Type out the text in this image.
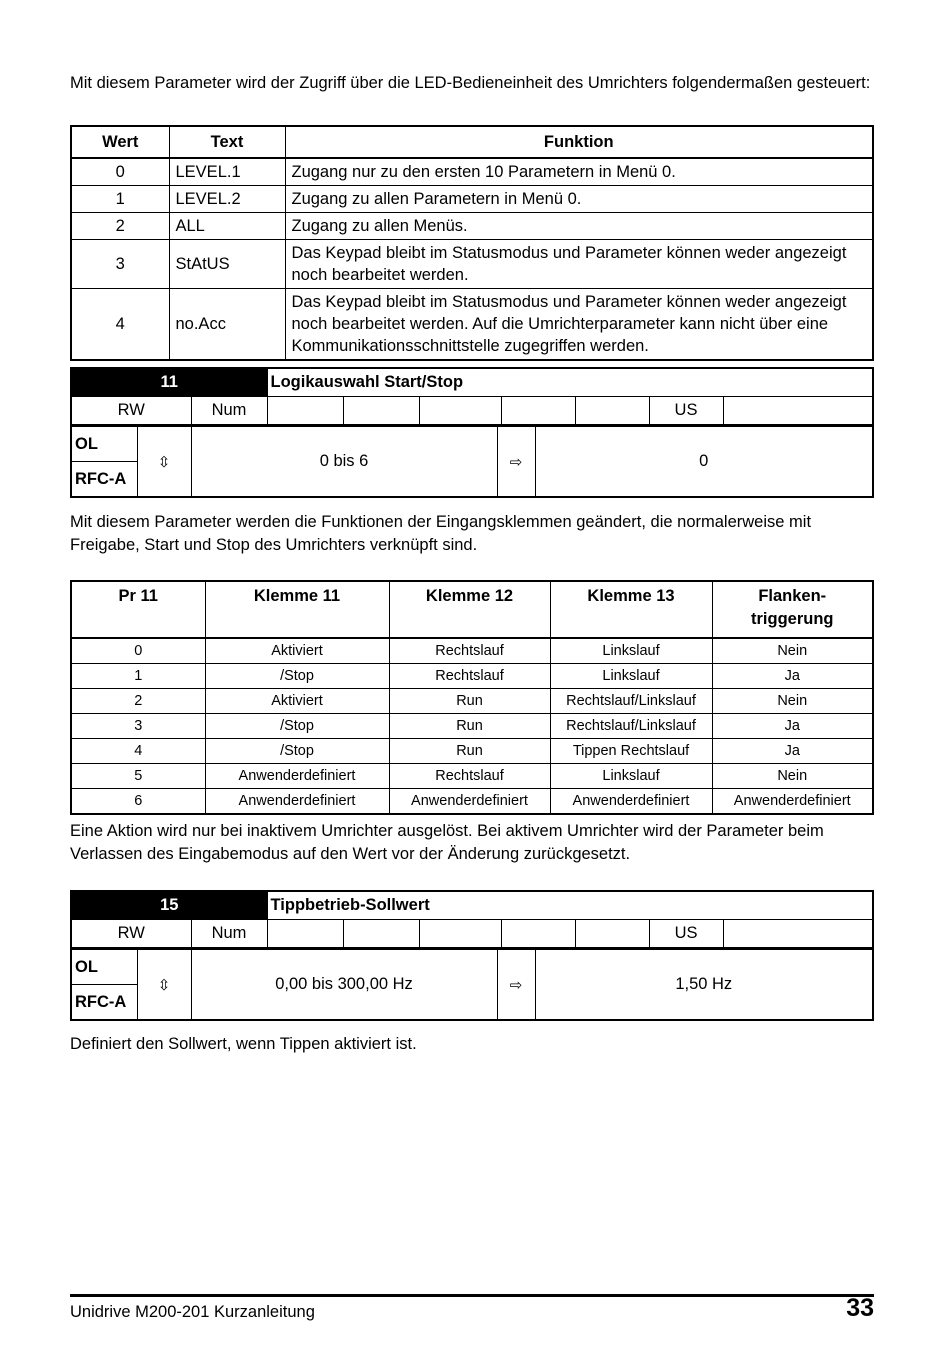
Mit diesem Parameter wird der Zugriff über die LED-Bedieneinheit des Umrichters folgendermaßen gesteuert:
Wert	Text	Funktion
0	LEVEL.1	Zugang nur zu den ersten 10 Parametern in Menü 0.
1	LEVEL.2	Zugang zu allen Parametern in Menü 0.
2	ALL	Zugang zu allen Menüs.
3	StAtUS	Das Keypad bleibt im Statusmodus und Parameter können weder angezeigt noch bearbeitet werden.
4	no.Acc	Das Keypad bleibt im Statusmodus und Parameter können weder angezeigt noch bearbeitet werden. Auf die Umrichterparameter kann nicht über eine Kommunikationsschnittstelle zugegriffen werden.
11		Logikauswahl Start/Stop						
RW	Num						US	
OL	⇳	0 bis 6	⇨	0
RFC-A
Mit diesem Parameter werden die Funktionen der Eingangsklemmen geändert, die normalerweise mit Freigabe, Start und Stop des Umrichters verknüpft sind.
Pr 11	Klemme 11	Klemme 12	Klemme 13	Flanken-
triggerung
0	Aktiviert	Rechtslauf	Linkslauf	Nein
1	/Stop	Rechtslauf	Linkslauf	Ja
2	Aktiviert	Run	Rechtslauf/Linkslauf	Nein
3	/Stop	Run	Rechtslauf/Linkslauf	Ja
4	/Stop	Run	Tippen Rechtslauf	Ja
5	Anwenderdefiniert	Rechtslauf	Linkslauf	Nein
6	Anwenderdefiniert	Anwenderdefiniert	Anwenderdefiniert	Anwenderdefiniert
Eine Aktion wird nur bei inaktivem Umrichter ausgelöst. Bei aktivem Umrichter wird der Parameter beim Verlassen des Eingabemodus auf den Wert vor der Änderung zurückgesetzt.
15		Tippbetrieb-Sollwert						
RW	Num						US	
OL	⇳	0,00 bis 300,00 Hz	⇨	1,50 Hz
RFC-A
Definiert den Sollwert, wenn Tippen aktiviert ist.
Unidrive M200-201 Kurzanleitung	33
